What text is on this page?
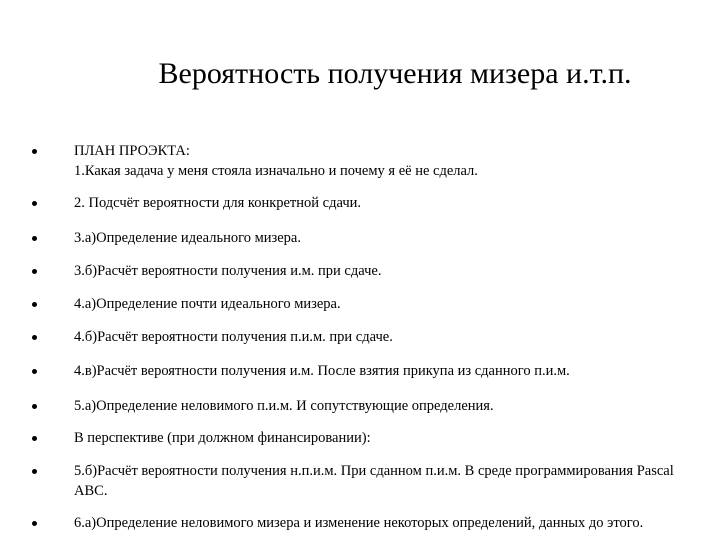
Вероятность получения мизера и.т.п.
ПЛАН ПРОЭКТА:
1.Какая задача у меня стояла изначально и почему я её не сделал.
2. Подсчёт вероятности для конкретной сдачи.
3.а)Определение идеального мизера.
3.б)Расчёт вероятности получения и.м. при сдаче.
4.а)Определение почти идеального мизера.
4.б)Расчёт вероятности получения п.и.м. при сдаче.
4.в)Расчёт вероятности получения и.м. После взятия прикупа из сданного п.и.м.
5.а)Определение неловимого п.и.м. И сопутствующие определения.
В перспективе (при должном финансировании):
5.б)Расчёт вероятности получения н.п.и.м. При сданном п.и.м. В среде программирования Pascal
ABC.
6.а)Определение неловимого мизера и изменение некоторых определений, данных до этого.
